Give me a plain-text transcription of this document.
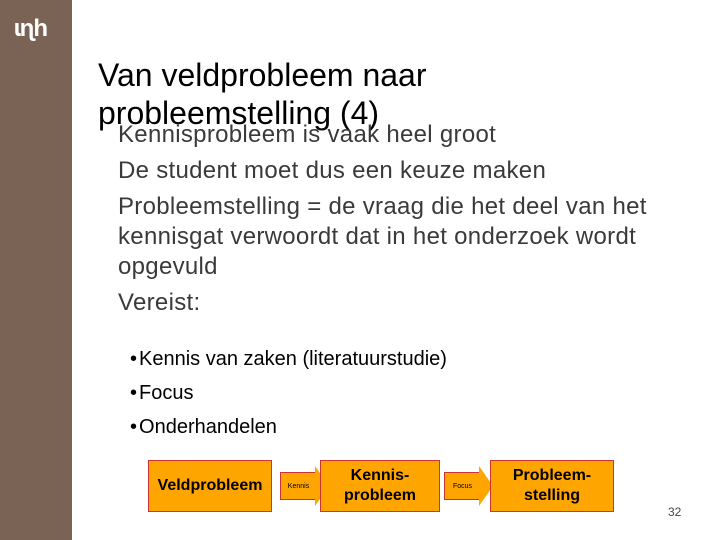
ɩɳh
Van veldprobleem naar probleemstelling (4)
Kennisprobleem is vaak heel groot
De student moet dus een keuze maken
Probleemstelling = de vraag die het deel van het kennisgat verwoordt dat in het onderzoek wordt opgevuld
Vereist:
• Kennis van zaken (literatuurstudie)
• Focus
• Onderhandelen
Veldprobleem	Kennis
Kennis-probleem
Focus
Probleem-stelling
32
